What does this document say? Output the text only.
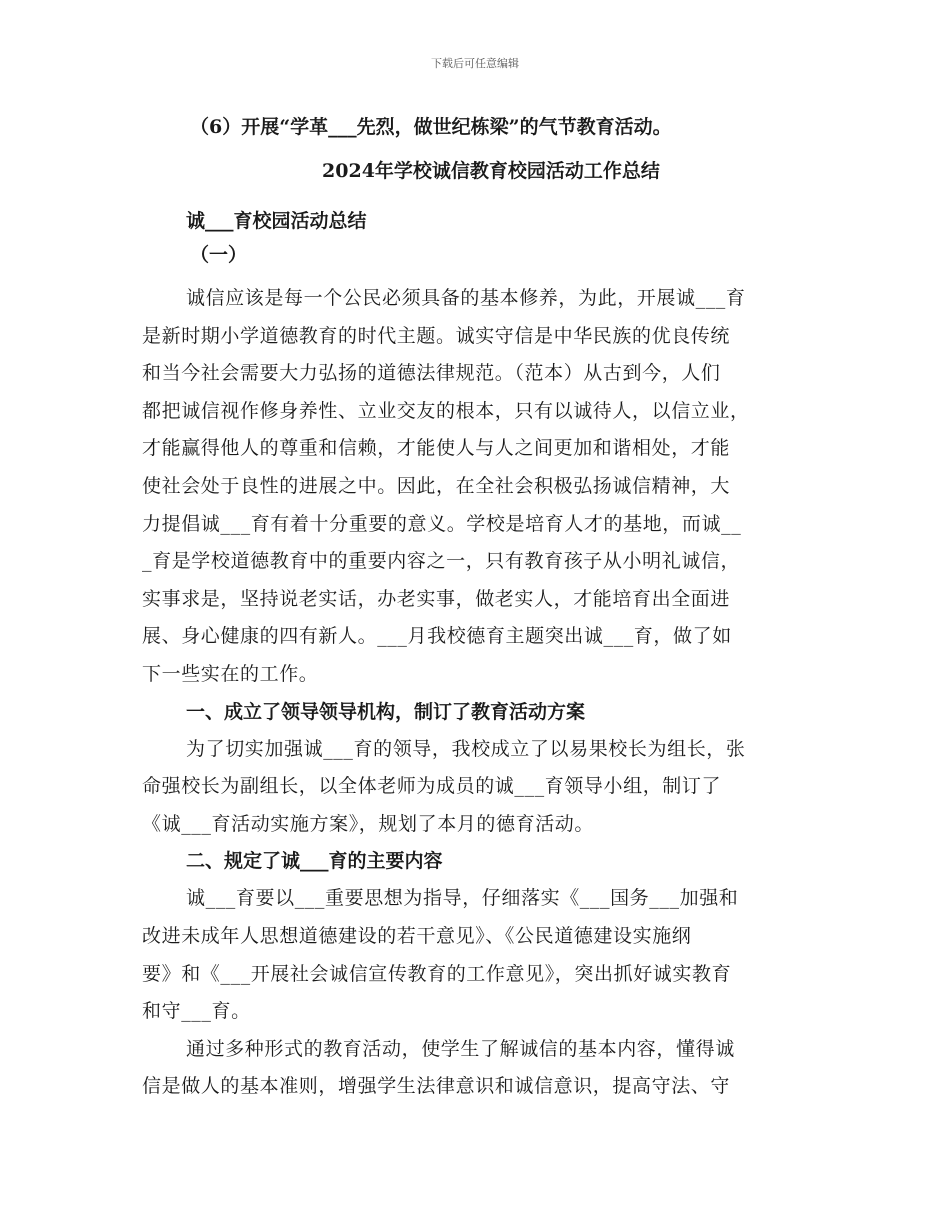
下载后可任意编辑

（6）开展“学革___先烈，做世纪栋梁”的气节教育活动。

2024年学校诚信教育校园活动工作总结

诚___育校园活动总结

（一）

诚信应该是每一个公民必须具备的基本修养，为此，开展诚___育
是新时期小学道德教育的时代主题。诚实守信是中华民族的优良传统
和当今社会需要大力弘扬的道德法律规范。（范本）从古到今，人们
都把诚信视作修身养性、立业交友的根本，只有以诚待人，以信立业，
才能赢得他人的尊重和信赖，才能使人与人之间更加和谐相处，才能
使社会处于良性的进展之中。因此，在全社会积极弘扬诚信精神，大
力提倡诚___育有着十分重要的意义。学校是培育人才的基地，而诚__
_育是学校道德教育中的重要内容之一，只有教育孩子从小明礼诚信，
实事求是，坚持说老实话，办老实事，做老实人，才能培育出全面进
展、身心健康的四有新人。___月我校德育主题突出诚___育，做了如
下一些实在的工作。

一、成立了领导领导机构，制订了教育活动方案

为了切实加强诚___育的领导，我校成立了以易果校长为组长，张
命强校长为副组长，以全体老师为成员的诚___育领导小组，制订了
《诚___育活动实施方案》，规划了本月的德育活动。

二、规定了诚___育的主要内容

诚___育要以___重要思想为指导，仔细落实《___国务___加强和
改进未成年人思想道德建设的若干意见》、《公民道德建设实施纲
要》和《___开展社会诚信宣传教育的工作意见》，突出抓好诚实教育
和守___育。
通过多种形式的教育活动，使学生了解诚信的基本内容，懂得诚
信是做人的基本准则，增强学生法律意识和诚信意识，提高守法、守
